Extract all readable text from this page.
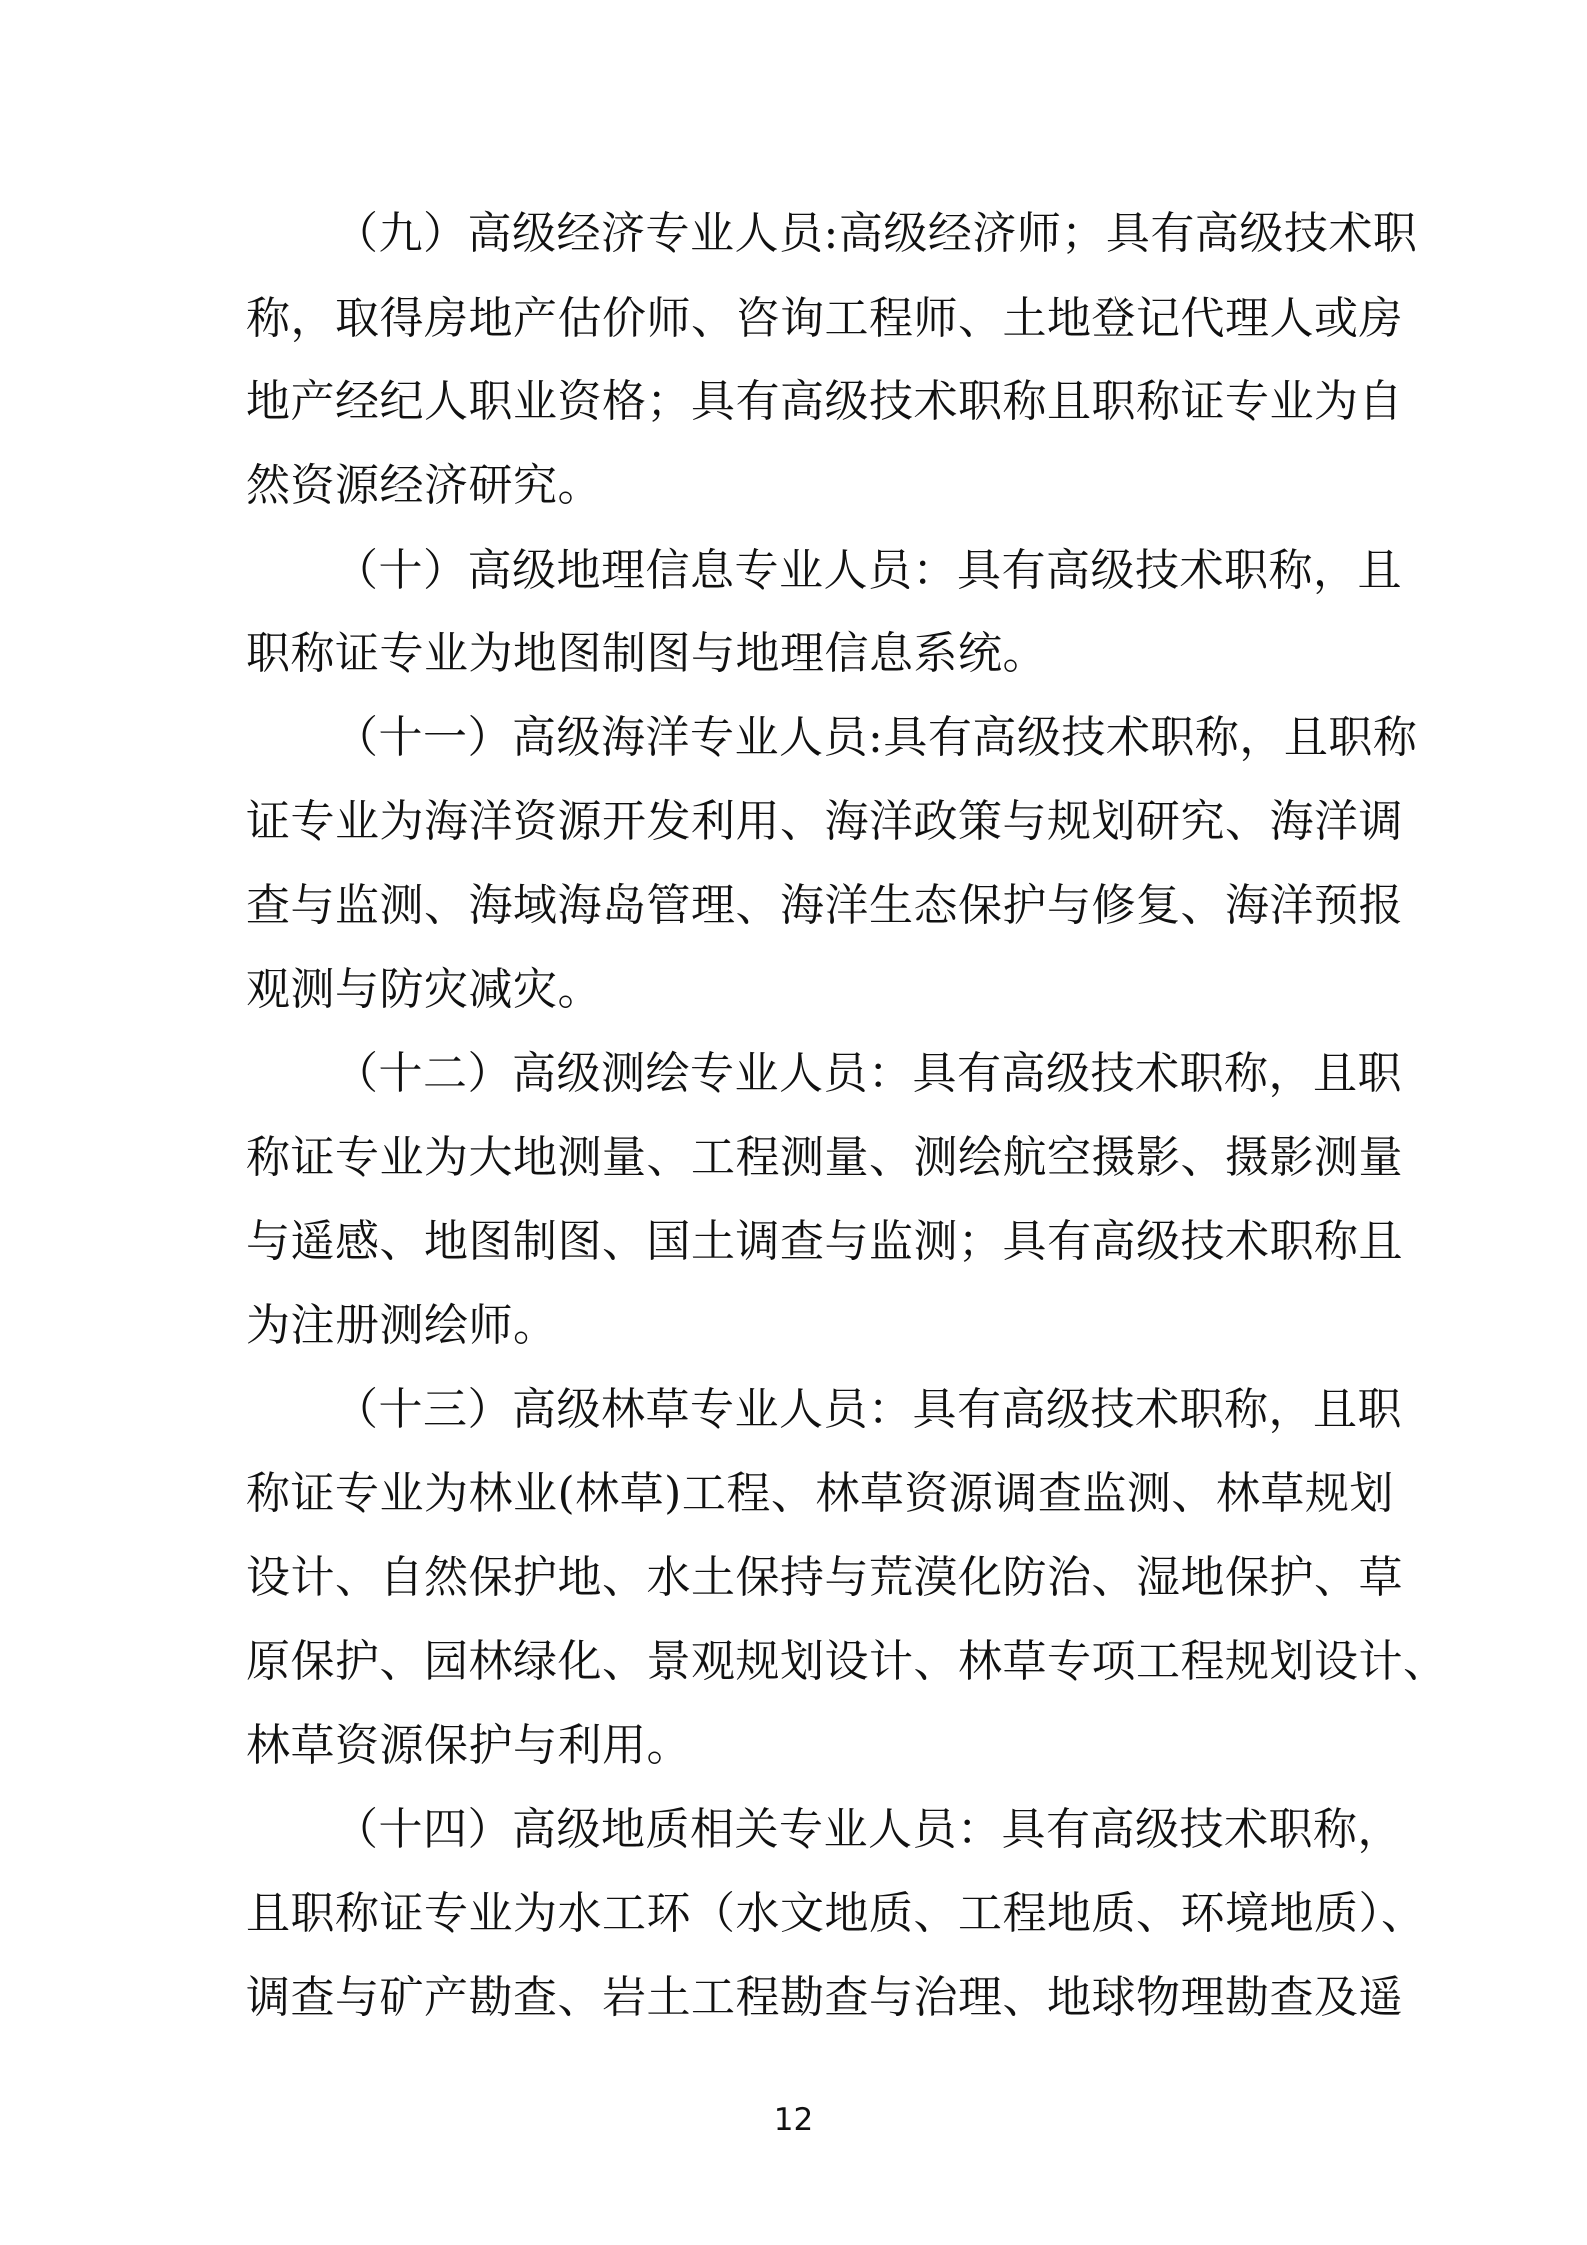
（九）高级经济专业人员:高级经济师；具有高级技术职
称，取得房地产估价师、咨询工程师、土地登记代理人或房
地产经纪人职业资格；具有高级技术职称且职称证专业为自
然资源经济研究。
（十）高级地理信息专业人员：具有高级技术职称，且
职称证专业为地图制图与地理信息系统。
（十一）高级海洋专业人员:具有高级技术职称，且职称
证专业为海洋资源开发利用、海洋政策与规划研究、海洋调
查与监测、海域海岛管理、海洋生态保护与修复、海洋预报
观测与防灾减灾。
（十二）高级测绘专业人员：具有高级技术职称，且职
称证专业为大地测量、工程测量、测绘航空摄影、摄影测量
与遥感、地图制图、国土调查与监测；具有高级技术职称且
为注册测绘师。
（十三）高级林草专业人员：具有高级技术职称，且职
称证专业为林业(林草)工程、林草资源调查监测、林草规划
设计、自然保护地、水土保持与荒漠化防治、湿地保护、草
原保护、园林绿化、景观规划设计、林草专项工程规划设计、
林草资源保护与利用。
（十四）高级地质相关专业人员：具有高级技术职称，
且职称证专业为水工环（水文地质、工程地质、环境地质）、
调查与矿产勘查、岩土工程勘查与治理、地球物理勘查及遥
12
